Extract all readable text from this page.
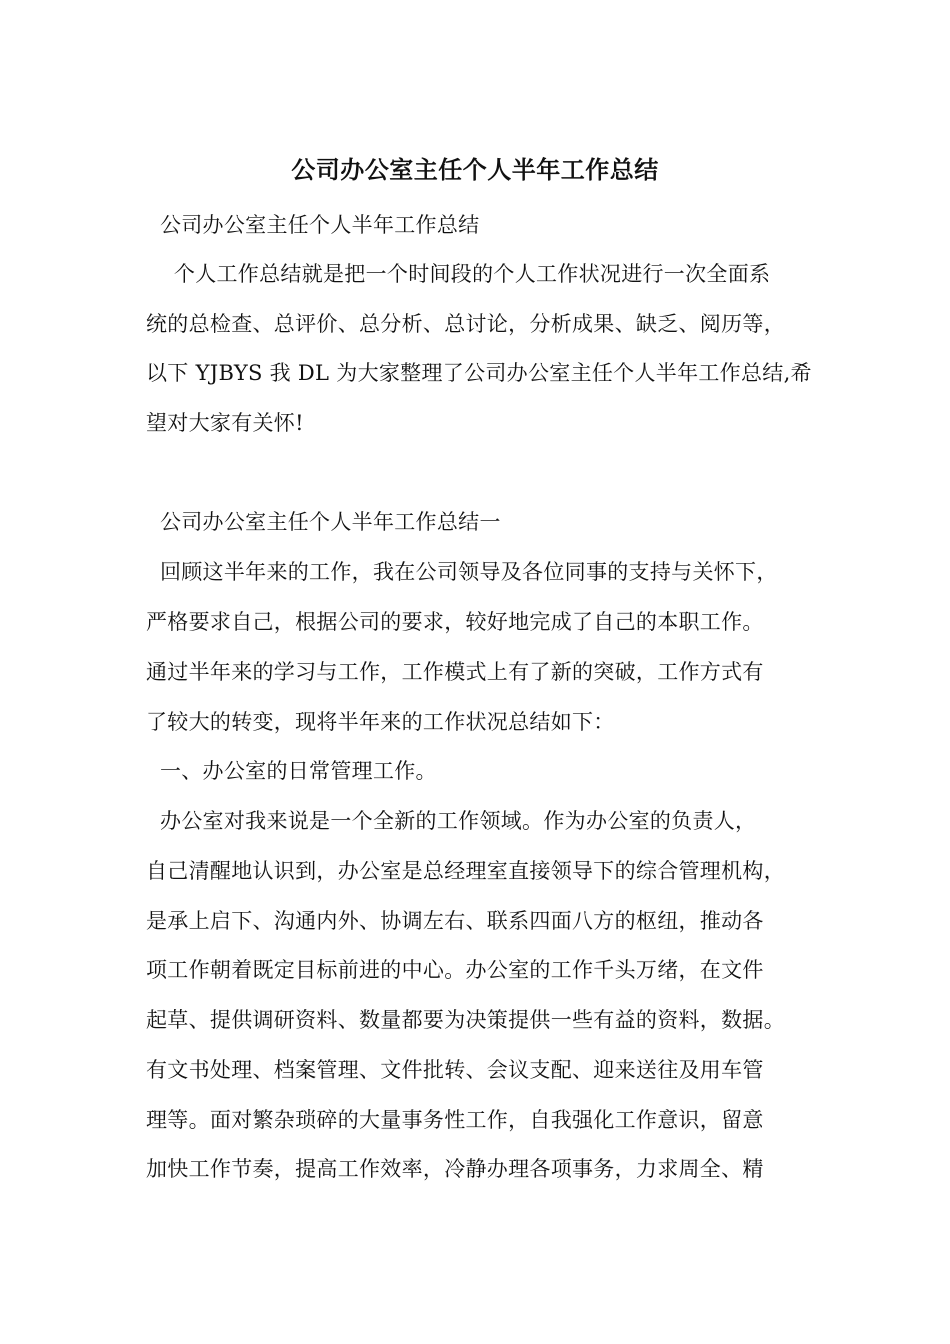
公司办公室主任个人半年工作总结
公司办公室主任个人半年工作总结
个人工作总结就是把一个时间段的个人工作状况进行一次全面系
统的总检查、总评价、总分析、总讨论，分析成果、缺乏、阅历等，
以下 YJBYS 我 DL 为大家整理了公司办公室主任个人半年工作总结,希
望对大家有关怀!
公司办公室主任个人半年工作总结一
回顾这半年来的工作，我在公司领导及各位同事的支持与关怀下，
严格要求自己，根据公司的要求，较好地完成了自己的本职工作。
通过半年来的学习与工作，工作模式上有了新的突破，工作方式有
了较大的转变，现将半年来的工作状况总结如下：
一、办公室的日常管理工作。
办公室对我来说是一个全新的工作领域。作为办公室的负责人，
自己清醒地认识到，办公室是总经理室直接领导下的综合管理机构，
是承上启下、沟通内外、协调左右、联系四面八方的枢纽，推动各
项工作朝着既定目标前进的中心。办公室的工作千头万绪，在文件
起草、提供调研资料、数量都要为决策提供一些有益的资料，数据。
有文书处理、档案管理、文件批转、会议支配、迎来送往及用车管
理等。面对繁杂琐碎的大量事务性工作，自我强化工作意识，留意
加快工作节奏，提高工作效率，冷静办理各项事务，力求周全、精
